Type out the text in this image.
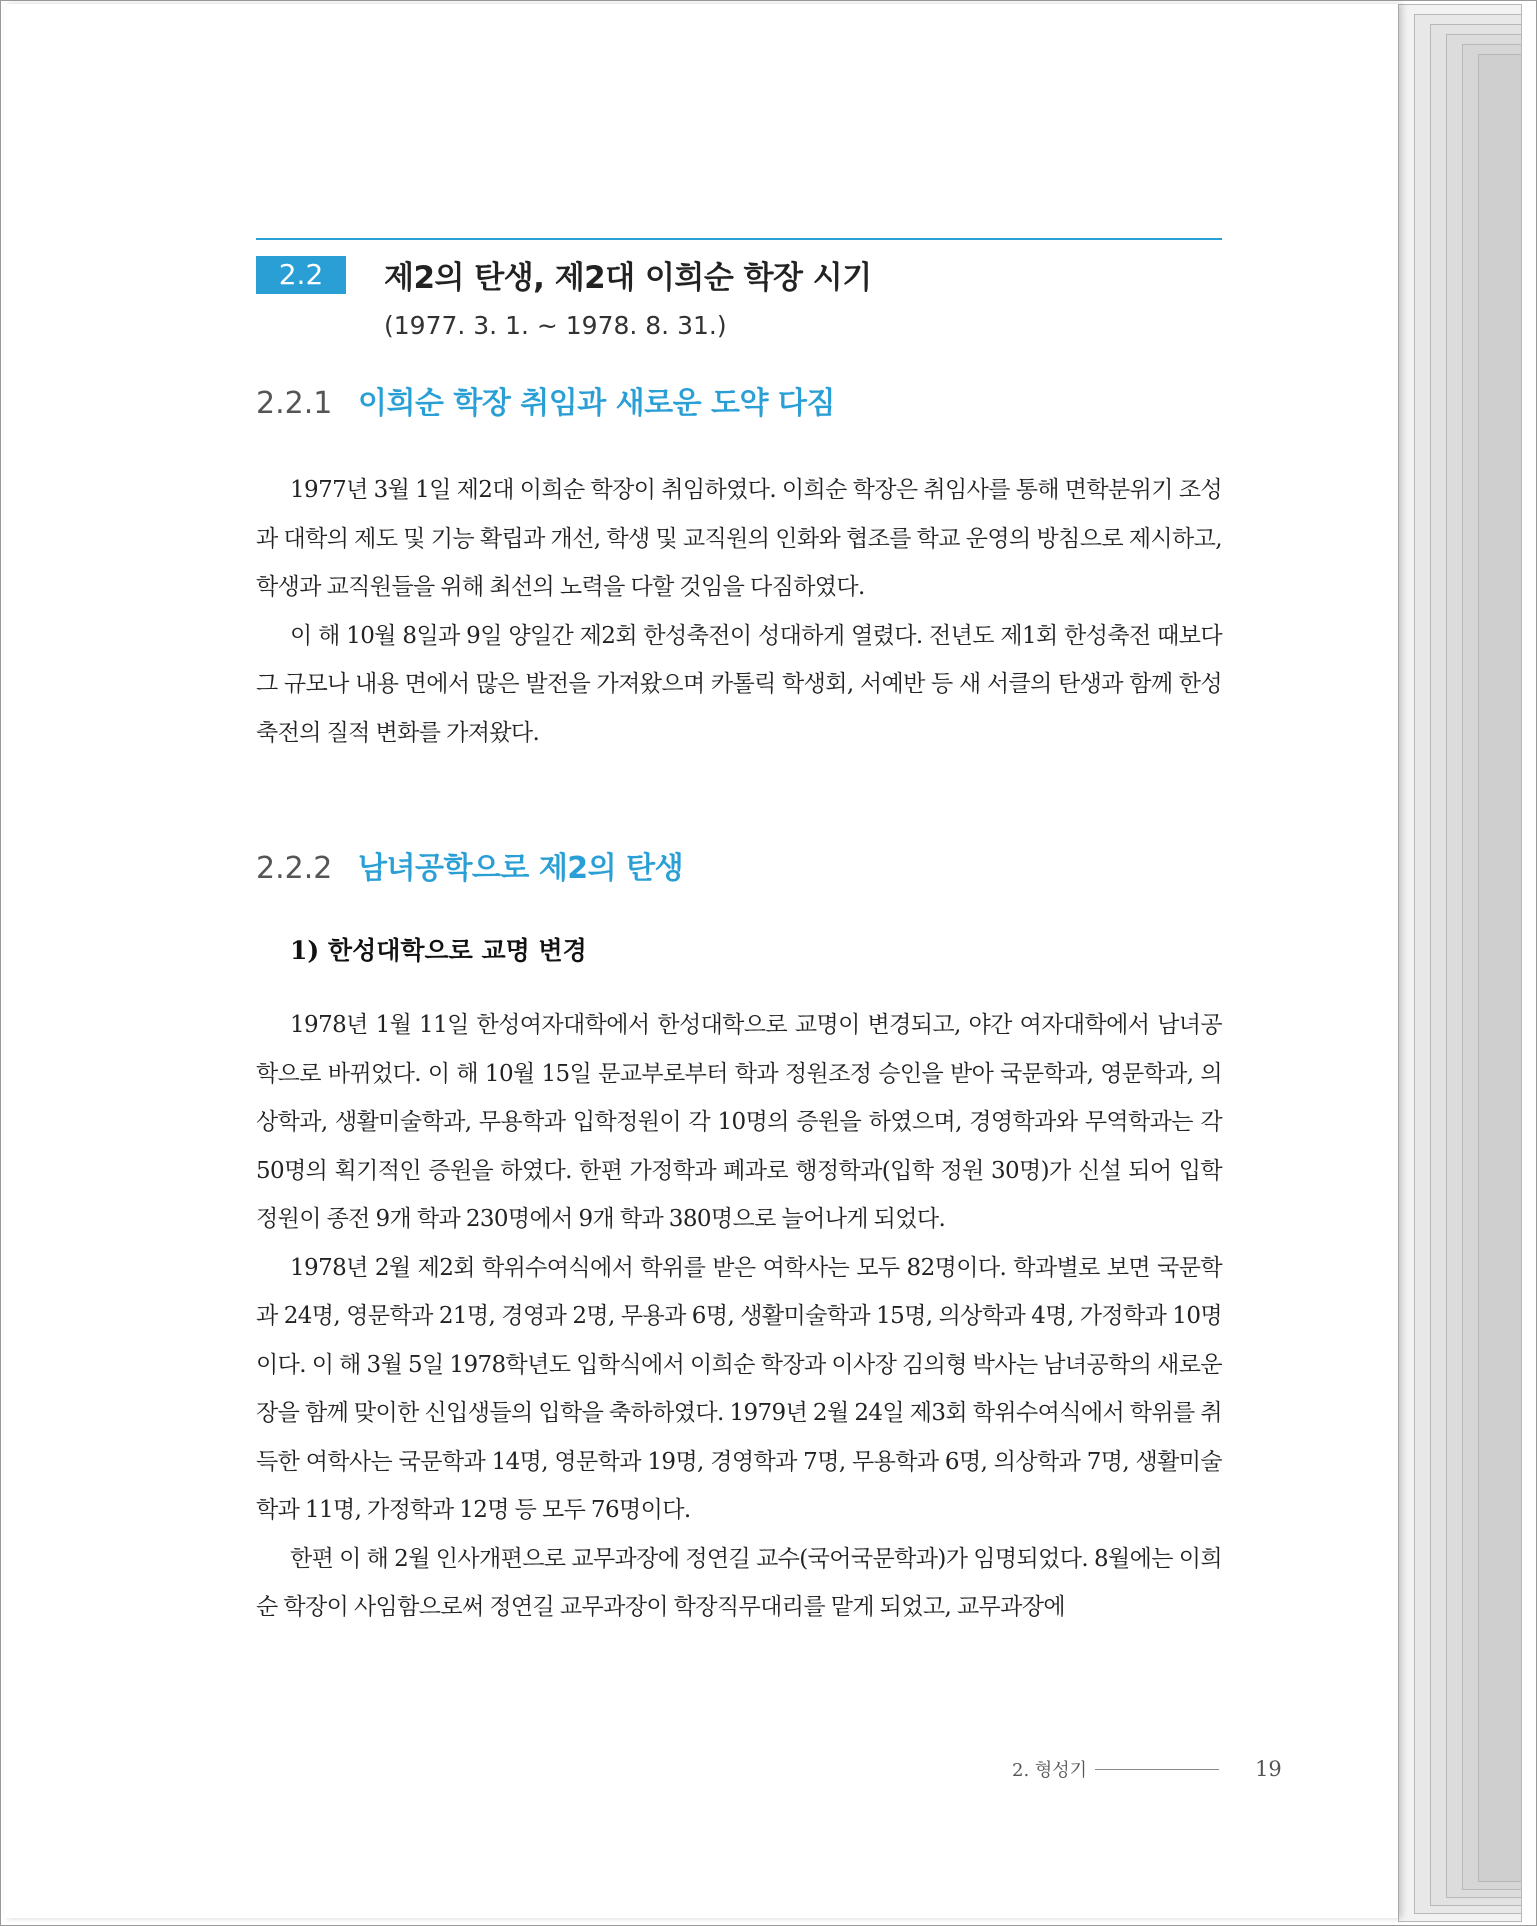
2.2	제2의 탄생, 제2대 이희순 학장 시기
(1977. 3. 1. ~ 1978. 8. 31.)
2.2.1 이희순 학장 취임과 새로운 도약 다짐

1977년 3월 1일 제2대 이희순 학장이 취임하였다. 이희순 학장은 취임사를 통해 면학분위기 조성과 대학의 제도 및 기능 확립과 개선, 학생 및 교직원의 인화와 협조를 학교 운영의 방침으로 제시하고, 학생과 교직원들을 위해 최선의 노력을 다할 것임을 다짐하였다.

이 해 10월 8일과 9일 양일간 제2회 한성축전이 성대하게 열렸다. 전년도 제1회 한성축전 때보다 그 규모나 내용 면에서 많은 발전을 가져왔으며 카톨릭 학생회, 서예반 등 새 서클의 탄생과 함께 한성축전의 질적 변화를 가져왔다.

2.2.2 남녀공학으로 제2의 탄생
1) 한성대학으로 교명 변경

1978년 1월 11일 한성여자대학에서 한성대학으로 교명이 변경되고, 야간 여자대학에서 남녀공학으로 바뀌었다. 이 해 10월 15일 문교부로부터 학과 정원조정 승인을 받아 국문학과, 영문학과, 의상학과, 생활미술학과, 무용학과 입학정원이 각 10명의 증원을 하였으며, 경영학과와 무역학과는 각 50명의 획기적인 증원을 하였다. 한편 가정학과 폐과로 행정학과(입학 정원 30명)가 신설 되어 입학정원이 종전 9개 학과 230명에서 9개 학과 380명으로 늘어나게 되었다.

1978년 2월 제2회 학위수여식에서 학위를 받은 여학사는 모두 82명이다. 학과별로 보면 국문학과 24명, 영문학과 21명, 경영과 2명, 무용과 6명, 생활미술학과 15명, 의상학과 4명, 가정학과 10명이다. 이 해 3월 5일 1978학년도 입학식에서 이희순 학장과 이사장 김의형 박사는 남녀공학의 새로운 장을 함께 맞이한 신입생들의 입학을 축하하였다. 1979년 2월 24일 제3회 학위수여식에서 학위를 취득한 여학사는 국문학과 14명, 영문학과 19명, 경영학과 7명, 무용학과 6명, 의상학과 7명, 생활미술학과 11명, 가정학과 12명 등 모두 76명이다.

한편 이 해 2월 인사개편으로 교무과장에 정연길 교수(국어국문학과)가 임명되었다. 8월에는 이희순 학장이 사임함으로써 정연길 교무과장이 학장직무대리를 맡게 되었고, 교무과장에

2. 형성기	19
